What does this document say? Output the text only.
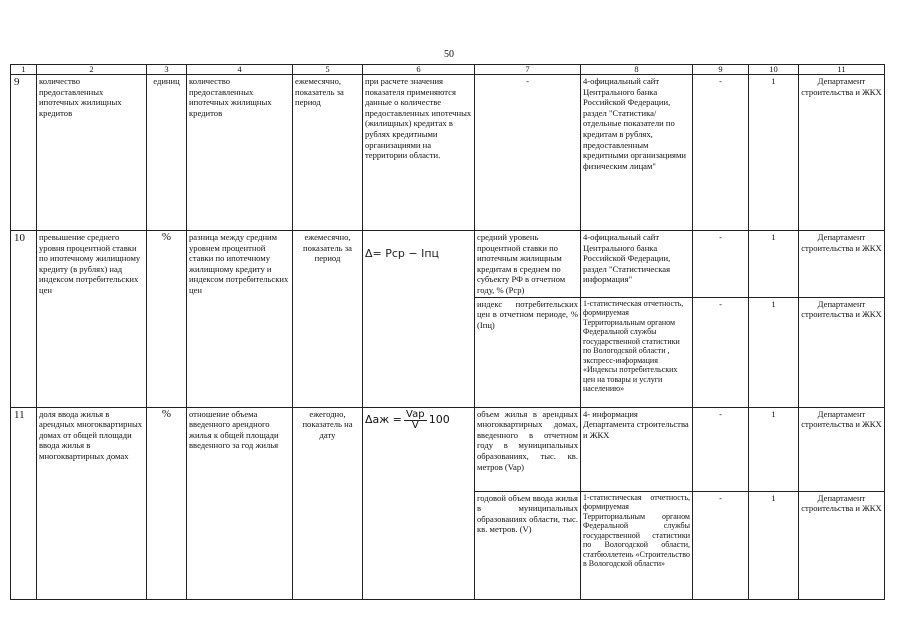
50
1	2	3	4	5	6	7	8	9	10	11
9	количество предоставленных ипотечных жилищных кредитов	единиц	количество предоставленных ипотечных жилищных кредитов	ежемесячно, показатель за период	при расчете значения показателя применяются данные о количестве предоставленных ипотечных (жилищных) кредитах в рублях кредитными организациями на территории области.	-	4-официальный сайт Центрального банка Российской Федерации, раздел "Статистика/отдельные показатели по кредитам в рублях, предоставленным кредитными организациями физическим лицам"	-	1	Департамент строительства и ЖКХ
10	превышение среднего уровня процентной ставки по ипотечному жилищному кредиту (в рублях) над индексом потребительских цен	%	разница между средним уровнем процентной ставки по ипотечному жилищному кредиту и индексом потребительских цен	ежемесячно, показатель за период	Δ= Pcp − Iпц	средний уровень процентной ставки по ипотечным жилищным кредитам в среднем по субъекту РФ в отчетном году, % (Рср)	4-официальный сайт Центрального банка Российской Федерации, раздел "Статистическая информация"	-	1	Департамент строительства и ЖКХ
						индекс потребительских цен в отчетном периоде, % (Iпц)	1-статистическая отчетность, формируемая Территориальным органом Федеральной службы государственной статистики по Вологодской области , экспресс-информация «Индексы потребительских цен на товары и услуги населению»	-	1	Департамент строительства и ЖКХ
11	доля ввода жилья в арендных многоквартирных домах от общей площади ввода жилья в многоквартирных домах	%	отношение объема введенного арендного жилья к общей площади введенного за год жилья	ежегодно, показатель на дату	$\Delta аж = \frac{\text{Vap}}{V} 100$	объем жилья в арендных многоквартирных домах, введенного в отчетном году в муниципальных образованиях, тыс. кв. метров (Vap)	4- информация Департамента строительства и ЖКХ	-	1	Департамент строительства и ЖКХ
						годовой объем ввода жилья в муниципальных образованиях области, тыс. кв. метров. (V)	1-статистическая отчетность, формируемая Территориальным органом Федеральной службы государственной статистики по Вологодской области, статбюллетень «Строительство в Вологодской области»	-	1	Департамент строительства и ЖКХ
